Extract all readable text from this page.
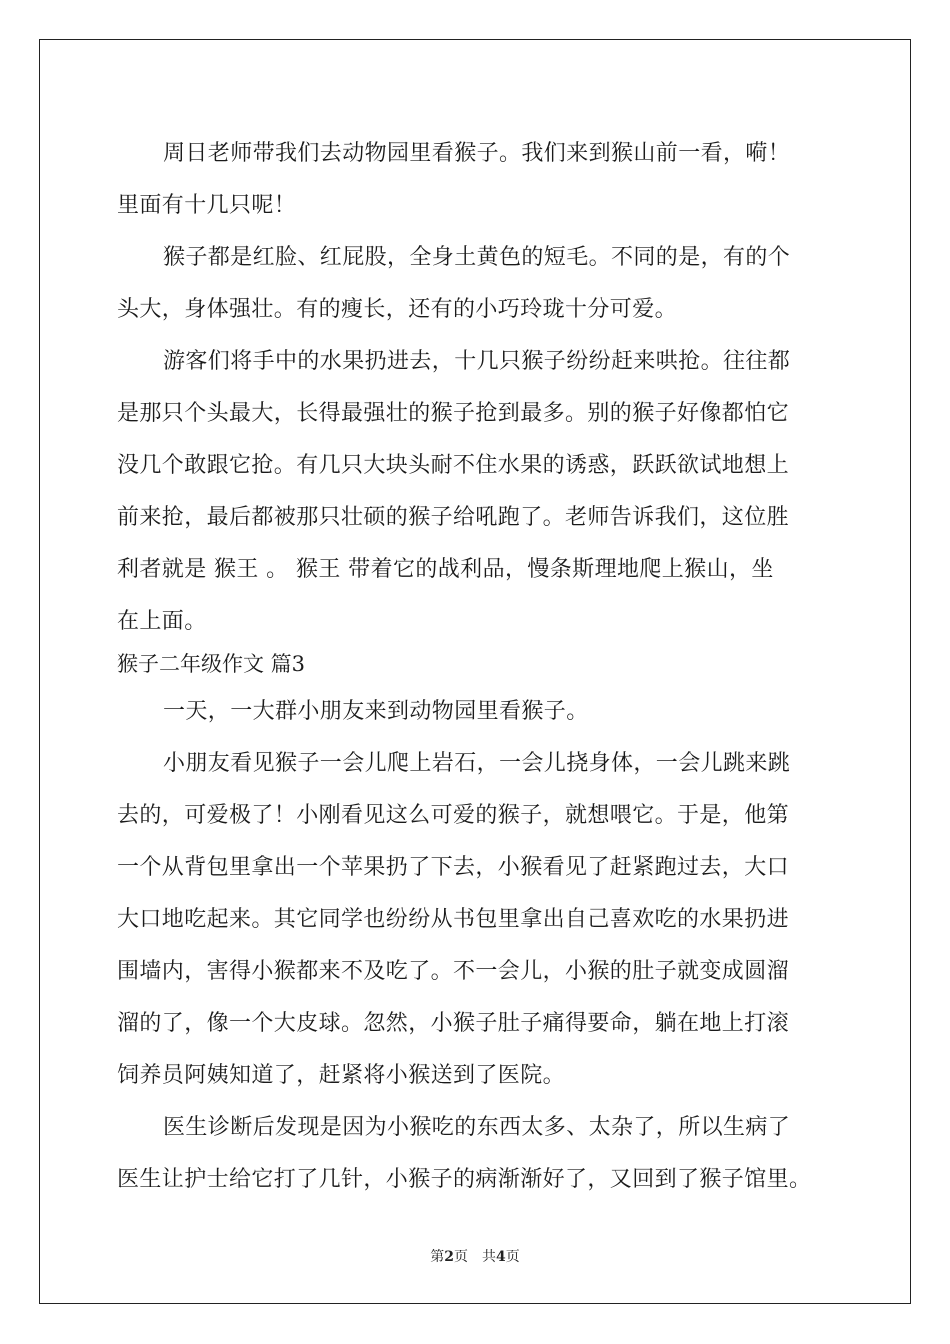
周日老师带我们去动物园里看猴子。我们来到猴山前一看，嗬！
里面有十几只呢！
猴子都是红脸、红屁股，全身土黄色的短毛。不同的是，有的个
头大，身体强壮。有的瘦长，还有的小巧玲珑十分可爱。
游客们将手中的水果扔进去，十几只猴子纷纷赶来哄抢。往往都
是那只个头最大，长得最强壮的猴子抢到最多。别的猴子好像都怕它
没几个敢跟它抢。有几只大块头耐不住水果的诱惑，跃跃欲试地想上
前来抢，最后都被那只壮硕的猴子给吼跑了。老师告诉我们，这位胜
利者就是 猴王 。 猴王 带着它的战利品，慢条斯理地爬上猴山，坐
在上面。
猴子二年级作文 篇3
一天，一大群小朋友来到动物园里看猴子。
小朋友看见猴子一会儿爬上岩石，一会儿挠身体，一会儿跳来跳
去的，可爱极了！小刚看见这么可爱的猴子，就想喂它。于是，他第
一个从背包里拿出一个苹果扔了下去，小猴看见了赶紧跑过去，大口
大口地吃起来。其它同学也纷纷从书包里拿出自己喜欢吃的水果扔进
围墙内，害得小猴都来不及吃了。不一会儿，小猴的肚子就变成圆溜
溜的了，像一个大皮球。忽然，小猴子肚子痛得要命，躺在地上打滚
饲养员阿姨知道了，赶紧将小猴送到了医院。
医生诊断后发现是因为小猴吃的东西太多、太杂了，所以生病了
医生让护士给它打了几针，小猴子的病渐渐好了，又回到了猴子馆里。
第2页 共4页
